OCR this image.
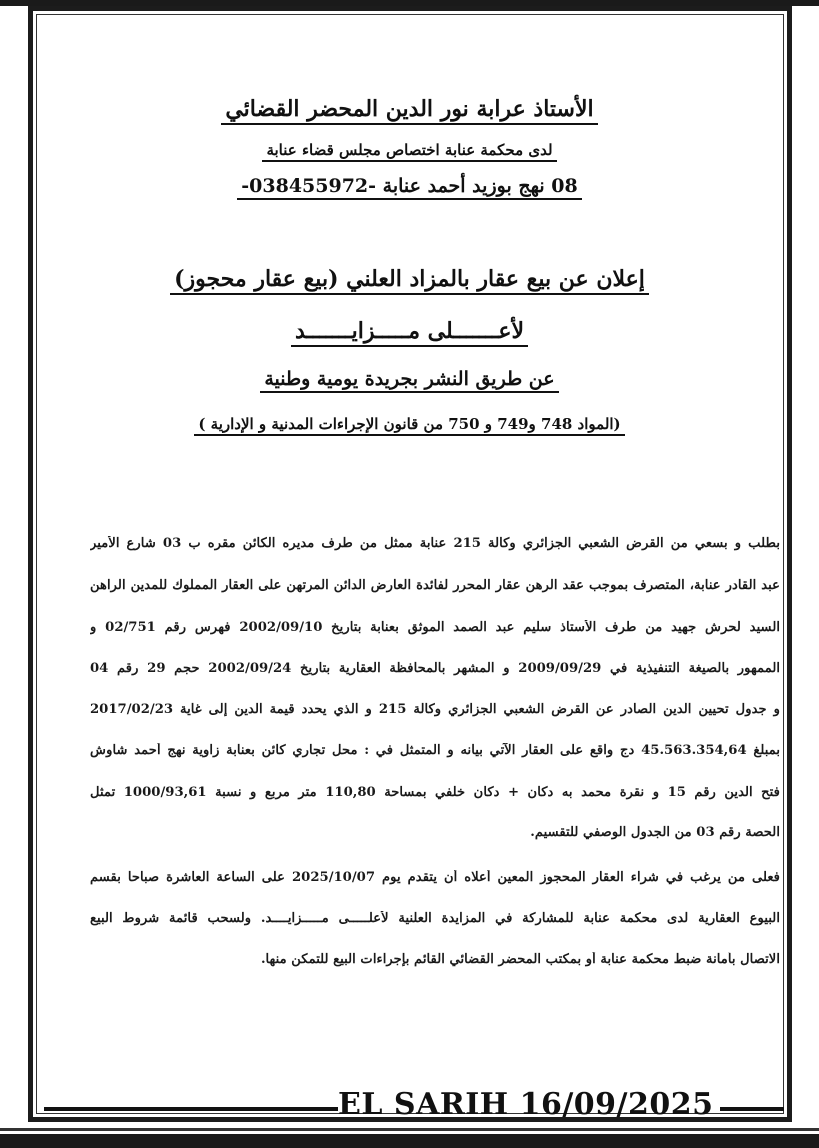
الأستاذ عرابة نور الدين المحضر القضائي
لدى محكمة عنابة اختصاص مجلس قضاء عنابة
08 نهج بوزيد أحمد عنابة -038455972-
إعلان عن بيع عقار بالمزاد العلني (بيع عقار محجوز)
لأعـــــــلى مـــــزايـــــــد
عن طريق النشر بجريدة يومية وطنية
(المواد 748 و749 و 750 من قانون الإجراءات المدنية و الإدارية )
بطلب و بسعي من القرض الشعبي الجزائري وكالة 215 عنابة ممثل من طرف مديره الكائن مقره ب 03 شارع الأمير
عبد القادر عنابة، المتصرف بموجب عقد الرهن عقار المحرر لفائدة العارض الدائن المرتهن على العقار المملوك للمدين الراهن
السيد لحرش جهيد من طرف الأستاذ سليم عبد الصمد الموثق بعنابة بتاريخ 2002/09/10 فهرس رقم 02/751 و
الممهور بالصيغة التنفيذية في 2009/09/29 و المشهر بالمحافظة العقارية بتاريخ 2002/09/24 حجم 29 رقم 04
و جدول تحيين الدين الصادر عن القرض الشعبي الجزائري وكالة 215 و الذي يحدد قيمة الدين إلى غاية 2017/02/23
بمبلغ 45.563.354,64 دج واقع على العقار الآتي بيانه و المتمثل في : محل تجاري كائن بعنابة زاوية نهج أحمد شاوش
فتح الدين رقم 15 و نقرة محمد به دكان + دكان خلفي بمساحة 110,80 متر مربع و نسبة 1000/93,61 تمثل
الحصة رقم 03 من الجدول الوصفي للتقسيم.
فعلى من يرغب في شراء العقار المحجوز المعين أعلاه أن يتقدم يوم 2025/10/07 على الساعة العاشرة صباحا بقسم
البيوع العقارية لدى محكمة عنابة للمشاركة في المزايدة العلنية لأعلـــــى مـــــزايــــد. ولسحب قائمة شروط البيع
الاتصال بأمانة ضبط محكمة عنابة أو بمكتب المحضر القضائي القائم بإجراءات البيع للتمكن منها.
EL SARIH 16/09/2025
